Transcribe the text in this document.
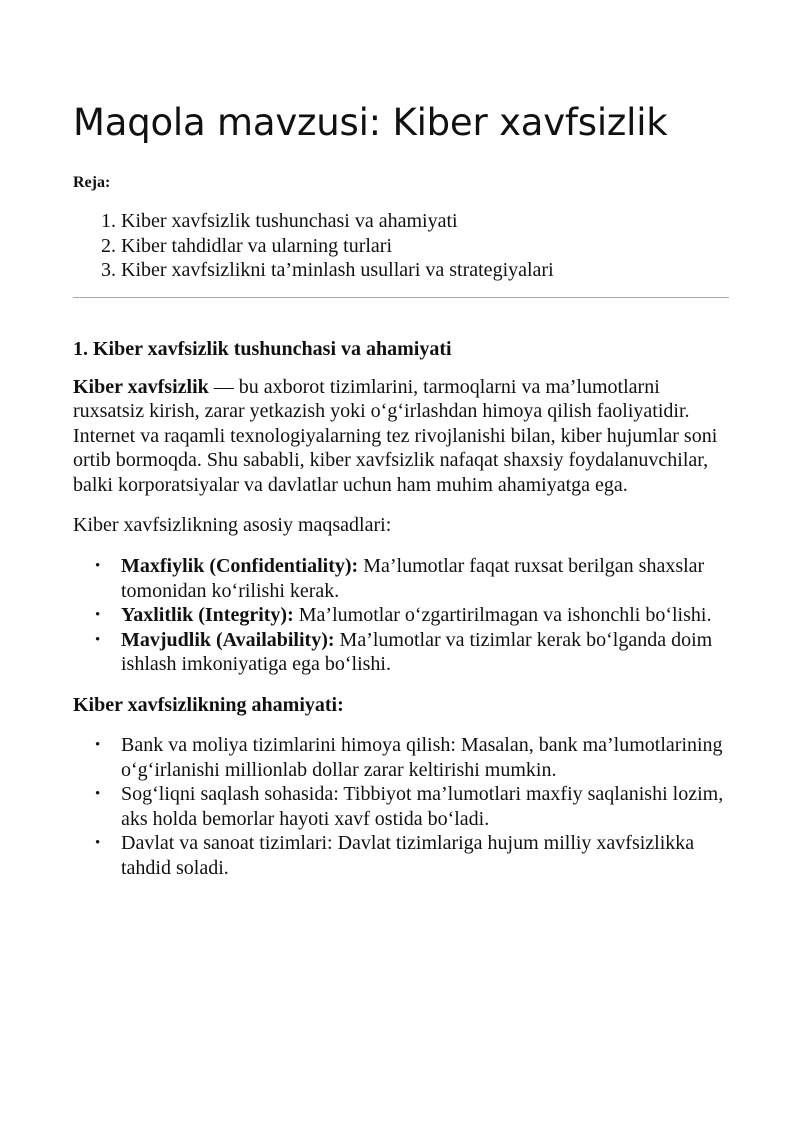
Maqola mavzusi: Kiber xavfsizlik
Reja:
1. Kiber xavfsizlik tushunchasi va ahamiyati
2. Kiber tahdidlar va ularning turlari
3. Kiber xavfsizlikni ta’minlash usullari va strategiyalari
1. Kiber xavfsizlik tushunchasi va ahamiyati

Kiber xavfsizlik — bu axborot tizimlarini, tarmoqlarni va ma’lumotlarni ruxsatsiz kirish, zarar yetkazish yoki o‘g‘irlashdan himoya qilish faoliyatidir. Internet va raqamli texnologiyalarning tez rivojlanishi bilan, kiber hujumlar soni ortib bormoqda. Shu sababli, kiber xavfsizlik nafaqat shaxsiy foydalanuvchilar, balki korporatsiyalar va davlatlar uchun ham muhim ahamiyatga ega.

Kiber xavfsizlikning asosiy maqsadlari:

• Maxfiylik (Confidentiality): Ma’lumotlar faqat ruxsat berilgan shaxslar tomonidan ko‘rilishi kerak.
• Yaxlitlik (Integrity): Ma’lumotlar o‘zgartirilmagan va ishonchli bo‘lishi.
• Mavjudlik (Availability): Ma’lumotlar va tizimlar kerak bo‘lganda doim ishlash imkoniyatiga ega bo‘lishi.
Kiber xavfsizlikning ahamiyati:
• Bank va moliya tizimlarini himoya qilish: Masalan, bank ma’lumotlarining o‘g‘irlanishi millionlab dollar zarar keltirishi mumkin.
• Sog‘liqni saqlash sohasida: Tibbiyot ma’lumotlari maxfiy saqlanishi lozim, aks holda bemorlar hayoti xavf ostida bo‘ladi.
• Davlat va sanoat tizimlari: Davlat tizimlariga hujum milliy xavfsizlikka tahdid soladi.
